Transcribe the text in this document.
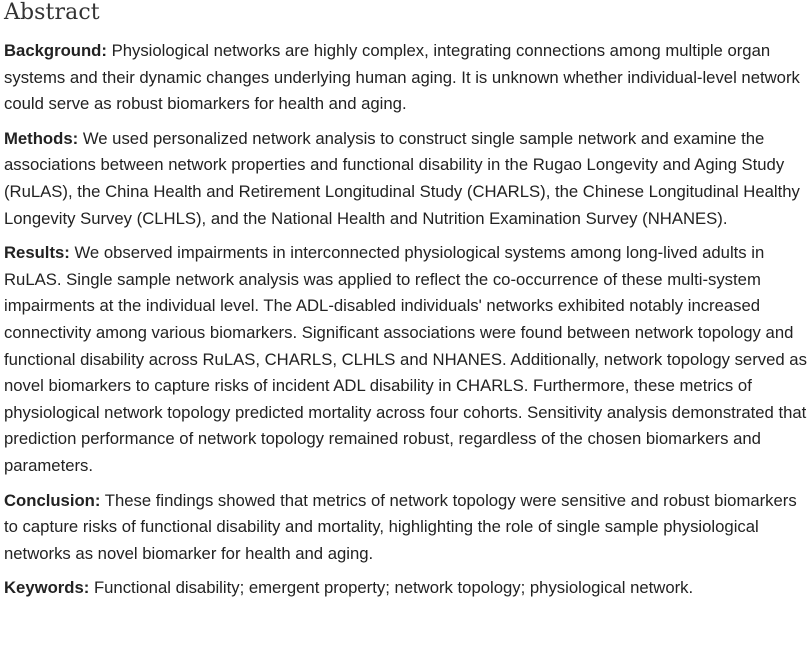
Abstract

Background: Physiological networks are highly complex, integrating connections among multiple organ systems and their dynamic changes underlying human aging. It is unknown whether individual-level network could serve as robust biomarkers for health and aging.

Methods: We used personalized network analysis to construct single sample network and examine the associations between network properties and functional disability in the Rugao Longevity and Aging Study (RuLAS), the China Health and Retirement Longitudinal Study (CHARLS), the Chinese Longitudinal Healthy Longevity Survey (CLHLS), and the National Health and Nutrition Examination Survey (NHANES).

Results: We observed impairments in interconnected physiological systems among long-lived adults in RuLAS. Single sample network analysis was applied to reflect the co-occurrence of these multi-system impairments at the individual level. The ADL-disabled individuals' networks exhibited notably increased connectivity among various biomarkers. Significant associations were found between network topology and functional disability across RuLAS, CHARLS, CLHLS and NHANES. Additionally, network topology served as novel biomarkers to capture risks of incident ADL disability in CHARLS. Furthermore, these metrics of physiological network topology predicted mortality across four cohorts. Sensitivity analysis demonstrated that prediction performance of network topology remained robust, regardless of the chosen biomarkers and parameters.

Conclusion: These findings showed that metrics of network topology were sensitive and robust biomarkers to capture risks of functional disability and mortality, highlighting the role of single sample physiological networks as novel biomarker for health and aging.

Keywords: Functional disability; emergent property; network topology; physiological network.
